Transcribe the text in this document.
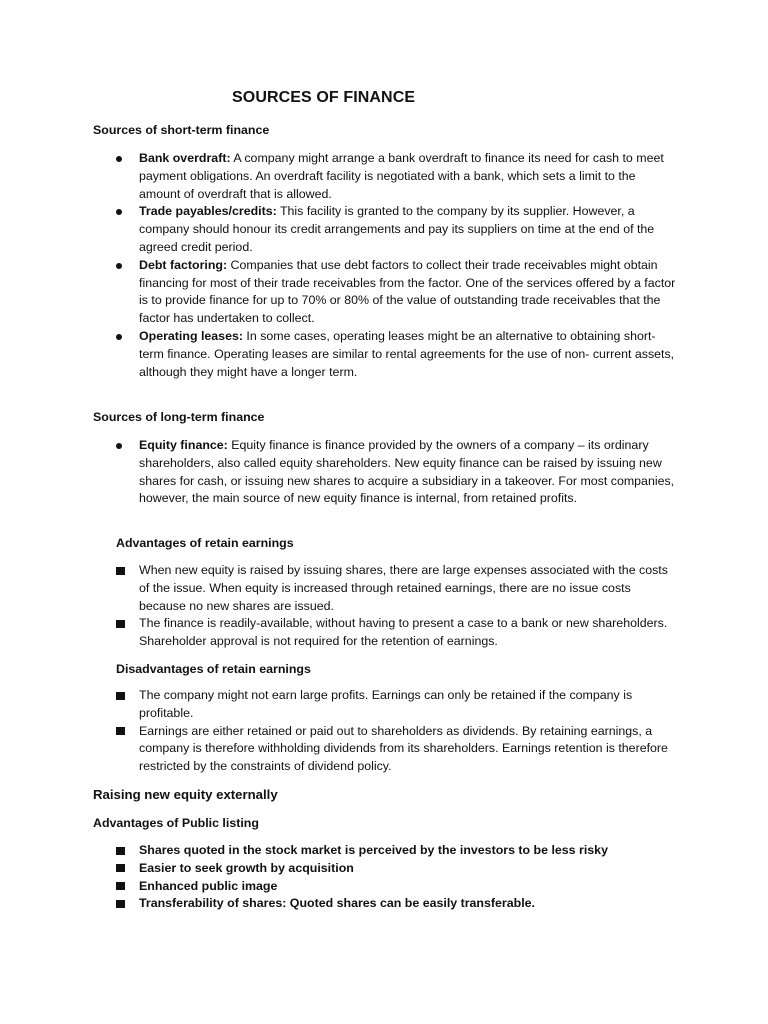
SOURCES OF FINANCE
Sources of short-term finance
Bank overdraft: A company might arrange a bank overdraft to finance its need for cash to meet payment obligations. An overdraft facility is negotiated with a bank, which sets a limit to the amount of overdraft that is allowed.
Trade payables/credits: This facility is granted to the company by its supplier. However, a company should honour its credit arrangements and pay its suppliers on time at the end of the agreed credit period.
Debt factoring: Companies that use debt factors to collect their trade receivables might obtain financing for most of their trade receivables from the factor. One of the services offered by a factor is to provide finance for up to 70% or 80% of the value of outstanding trade receivables that the factor has undertaken to collect.
Operating leases: In some cases, operating leases might be an alternative to obtaining short-term finance. Operating leases are similar to rental agreements for the use of non- current assets, although they might have a longer term.
Sources of long-term finance
Equity finance: Equity finance is finance provided by the owners of a company – its ordinary shareholders, also called equity shareholders. New equity finance can be raised by issuing new shares for cash, or issuing new shares to acquire a subsidiary in a takeover. For most companies, however, the main source of new equity finance is internal, from retained profits.
Advantages of retain earnings
When new equity is raised by issuing shares, there are large expenses associated with the costs of the issue. When equity is increased through retained earnings, there are no issue costs because no new shares are issued.
The finance is readily-available, without having to present a case to a bank or new shareholders. Shareholder approval is not required for the retention of earnings.
Disadvantages of retain earnings
The company might not earn large profits. Earnings can only be retained if the company is profitable.
Earnings are either retained or paid out to shareholders as dividends. By retaining earnings, a company is therefore withholding dividends from its shareholders. Earnings retention is therefore restricted by the constraints of dividend policy.
Raising new equity externally
Advantages of Public listing
Shares quoted in the stock market is perceived by the investors to be less risky
Easier to seek growth by acquisition
Enhanced public image
Transferability of shares: Quoted shares can be easily transferable.
